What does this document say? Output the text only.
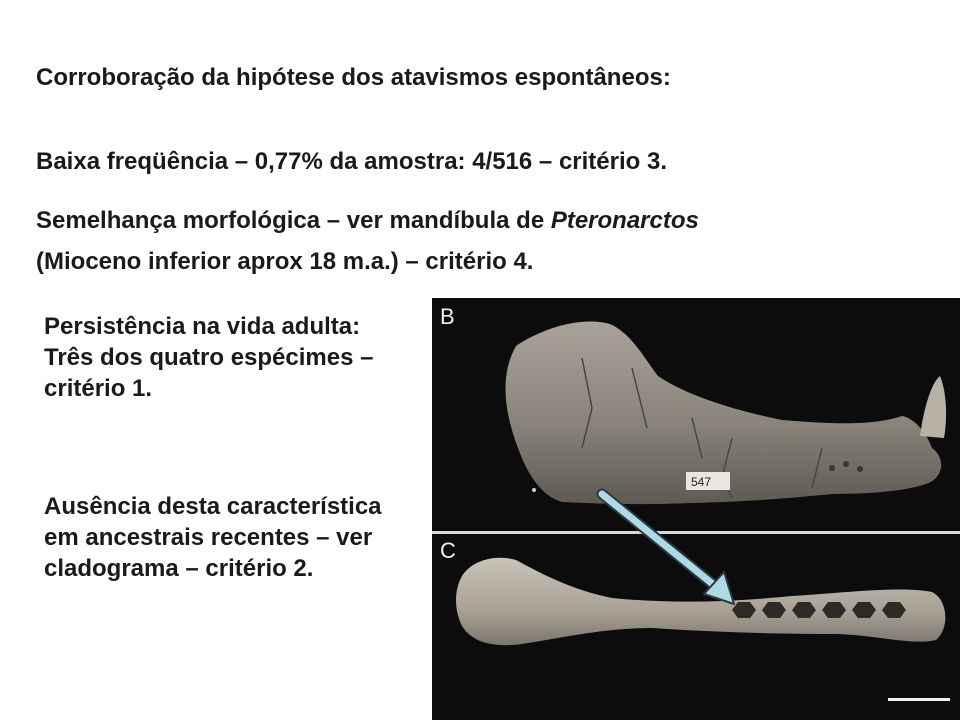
Corroboração da hipótese dos atavismos espontâneos:

Baixa freqüência – 0,77% da amostra: 4/516 – critério 3.

Semelhança morfológica – ver mandíbula de Pteronarctos

(Mioceno inferior aprox 18 m.a.) – critério 4.

Persistência na vida adulta: Três dos quatro espécimes – critério 1.

Ausência desta característica em ancestrais recentes – ver cladograma – critério 2.

B
547
C
